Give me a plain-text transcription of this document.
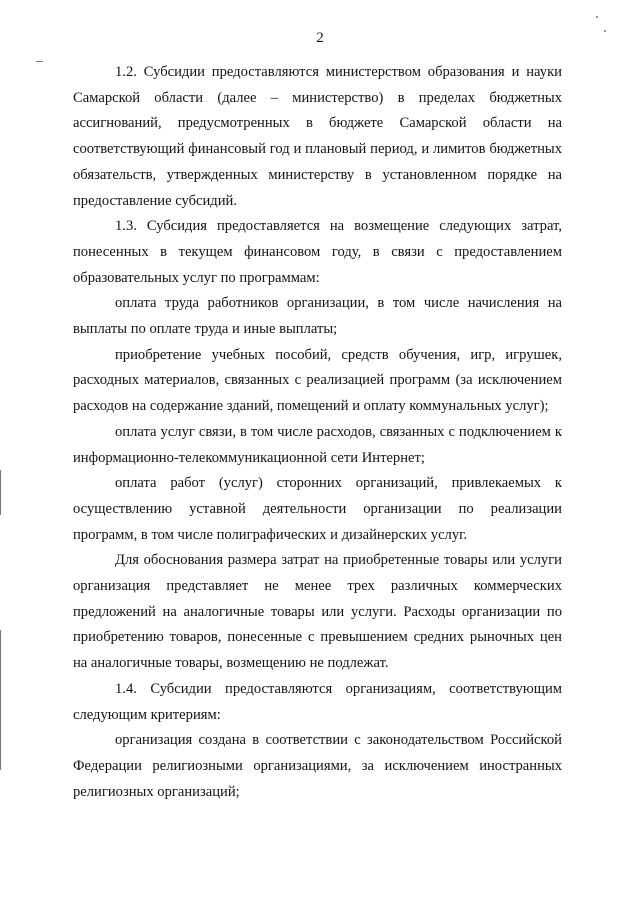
2

1.2. Субсидии предоставляются министерством образования и науки Самарской области (далее – министерство) в пределах бюджетных ассигнований, предусмотренных в бюджете Самарской области на соответствующий финансовый год и плановый период, и лимитов бюджетных обязательств, утвержденных министерству в установленном порядке на предоставление субсидий.

1.3. Субсидия предоставляется на возмещение следующих затрат, понесенных в текущем финансовом году, в связи с предоставлением образовательных услуг по программам:

оплата труда работников организации, в том числе начисления на выплаты по оплате труда и иные выплаты;

приобретение учебных пособий, средств обучения, игр, игрушек, расходных материалов, связанных с реализацией программ (за исключением расходов на содержание зданий, помещений и оплату коммунальных услуг);

оплата услуг связи, в том числе расходов, связанных с подключением к информационно-телекоммуникационной сети Интернет;

оплата работ (услуг) сторонних организаций, привлекаемых к осуществлению уставной деятельности организации по реализации программ, в том числе полиграфических и дизайнерских услуг.

Для обоснования размера затрат на приобретенные товары или услуги организация представляет не менее трех различных коммерческих предложений на аналогичные товары или услуги. Расходы организации по приобретению товаров, понесенные с превышением средних рыночных цен на аналогичные товары, возмещению не подлежат.

1.4. Субсидии предоставляются организациям, соответствующим следующим критериям:

организация создана в соответствии с законодательством Российской Федерации религиозными организациями, за исключением иностранных религиозных организаций;
